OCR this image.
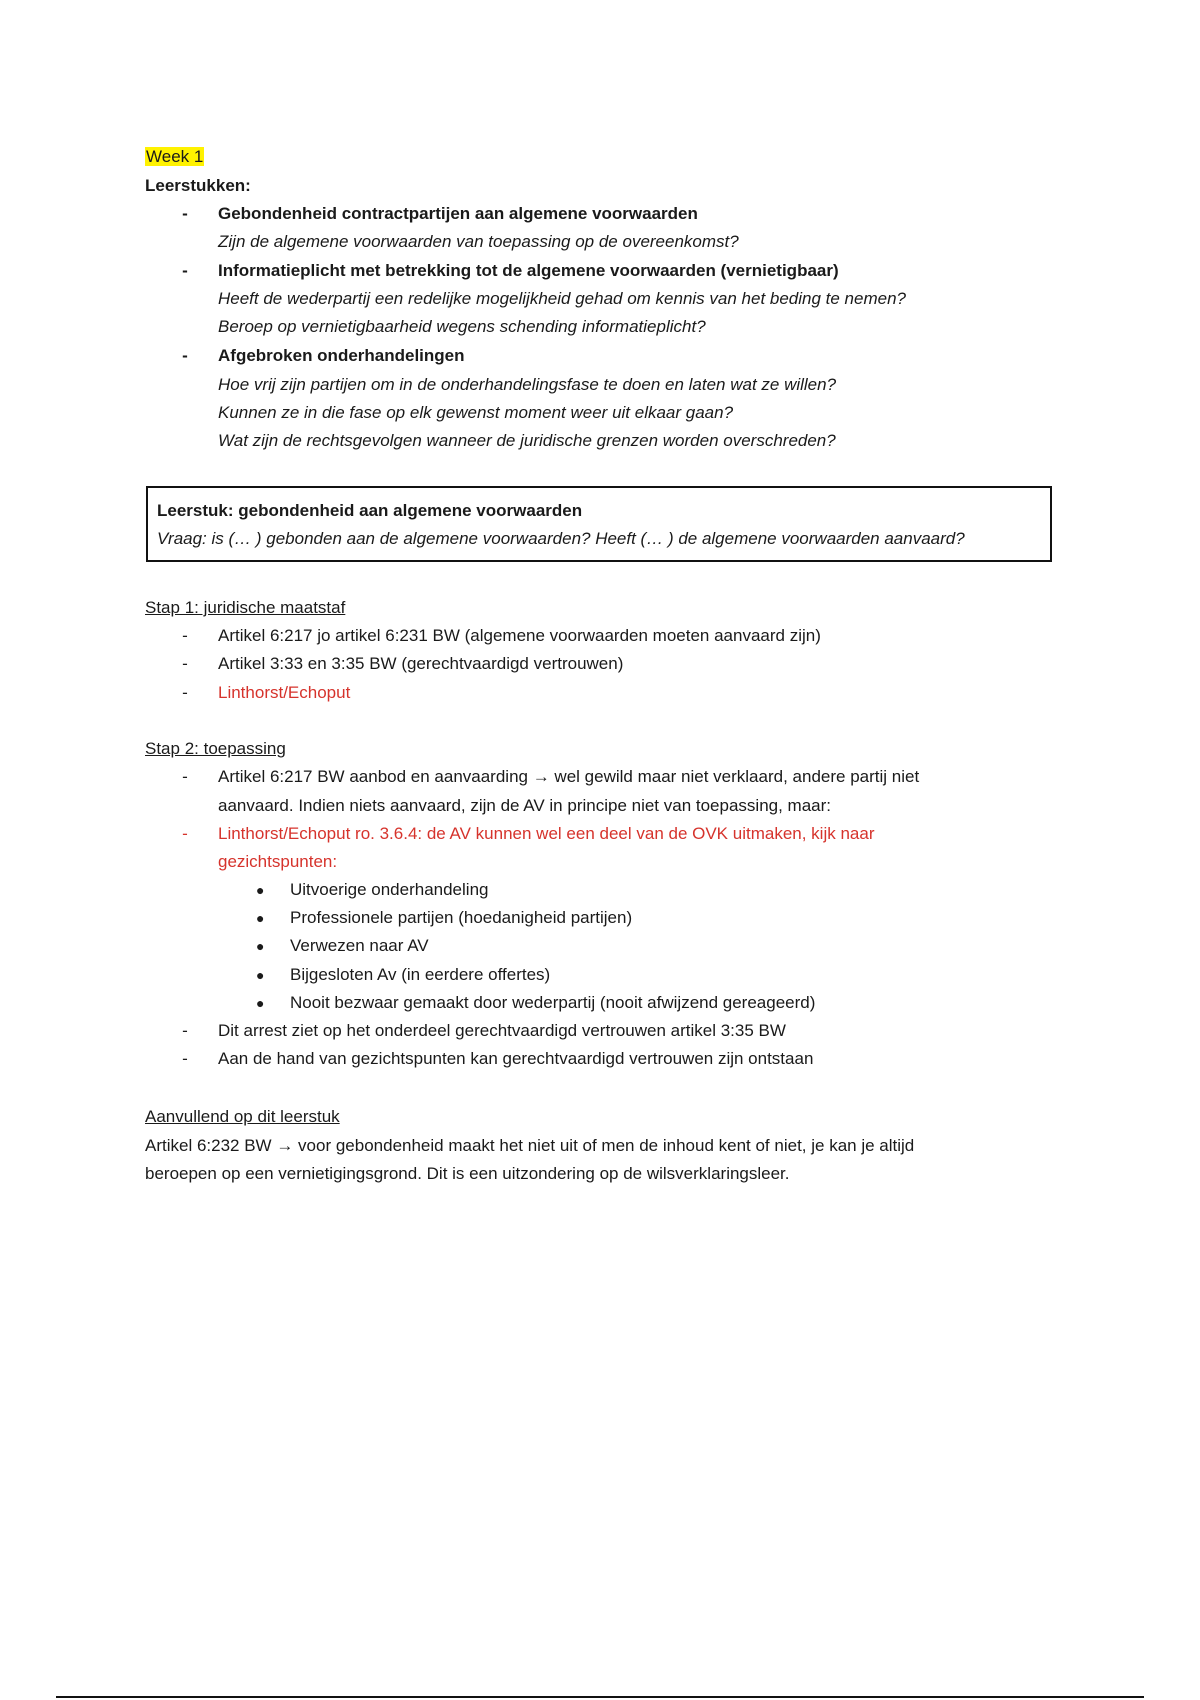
Week 1
Leerstukken:
- Gebondenheid contractpartijen aan algemene voorwaarden
Zijn de algemene voorwaarden van toepassing op de overeenkomst?
- Informatieplicht met betrekking tot de algemene voorwaarden (vernietigbaar)
Heeft de wederpartij een redelijke mogelijkheid gehad om kennis van het beding te nemen?
Beroep op vernietigbaarheid wegens schending informatieplicht?
- Afgebroken onderhandelingen
Hoe vrij zijn partijen om in de onderhandelingsfase te doen en laten wat ze willen?
Kunnen ze in die fase op elk gewenst moment weer uit elkaar gaan?
Wat zijn de rechtsgevolgen wanneer de juridische grenzen worden overschreden?
Leerstuk: gebondenheid aan algemene voorwaarden
Vraag: is (… ) gebonden aan de algemene voorwaarden? Heeft (… ) de algemene voorwaarden aanvaard?
Stap 1: juridische maatstaf
- Artikel 6:217 jo artikel 6:231 BW (algemene voorwaarden moeten aanvaard zijn)
- Artikel 3:33 en 3:35 BW (gerechtvaardigd vertrouwen)
- Linthorst/Echoput
Stap 2: toepassing
- Artikel 6:217 BW aanbod en aanvaarding → wel gewild maar niet verklaard, andere partij niet
aanvaard. Indien niets aanvaard, zijn de AV in principe niet van toepassing, maar:
- Linthorst/Echoput ro. 3.6.4: de AV kunnen wel een deel van de OVK uitmaken, kijk naar
gezichtspunten:
● Uitvoerige onderhandeling
● Professionele partijen (hoedanigheid partijen)
● Verwezen naar AV
● Bijgesloten Av (in eerdere offertes)
● Nooit bezwaar gemaakt door wederpartij (nooit afwijzend gereageerd)
- Dit arrest ziet op het onderdeel gerechtvaardigd vertrouwen artikel 3:35 BW
- Aan de hand van gezichtspunten kan gerechtvaardigd vertrouwen zijn ontstaan
Aanvullend op dit leerstuk
Artikel 6:232 BW → voor gebondenheid maakt het niet uit of men de inhoud kent of niet, je kan je altijd
beroepen op een vernietigingsgrond. Dit is een uitzondering op de wilsverklaringsleer.
